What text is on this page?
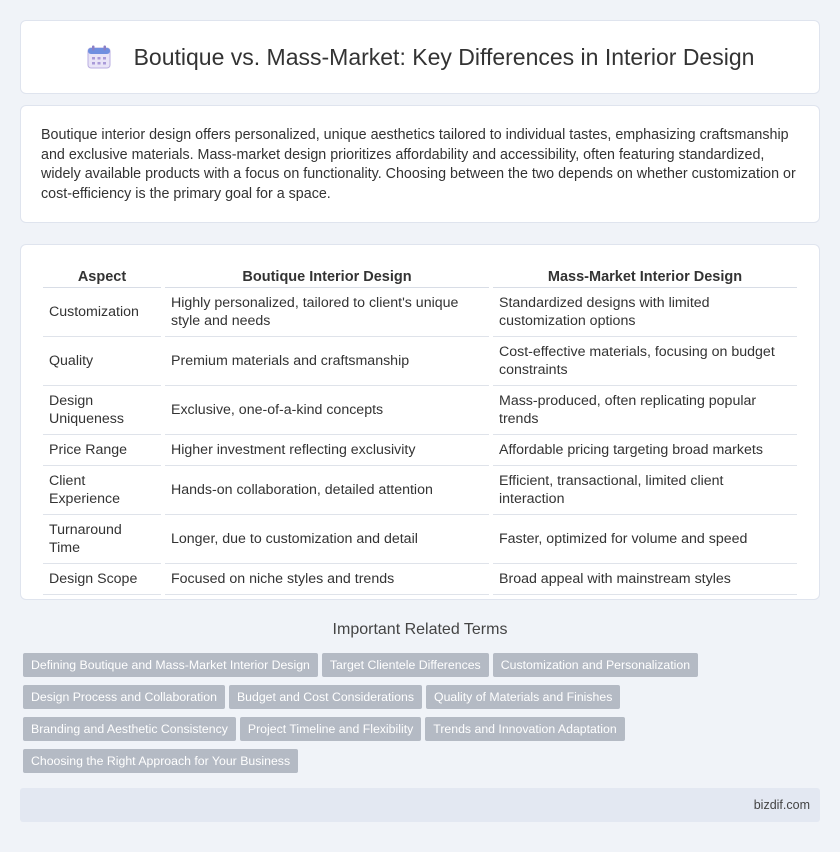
Boutique vs. Mass-Market: Key Differences in Interior Design

Boutique interior design offers personalized, unique aesthetics tailored to individual tastes, emphasizing craftsmanship and exclusive materials. Mass-market design prioritizes affordability and accessibility, often featuring standardized, widely available products with a focus on functionality. Choosing between the two depends on whether customization or cost-efficiency is the primary goal for a space.

Aspect	Boutique Interior Design	Mass-Market Interior Design
Customization	Highly personalized, tailored to client's unique style and needs	Standardized designs with limited customization options
Quality	Premium materials and craftsmanship	Cost-effective materials, focusing on budget constraints
Design Uniqueness	Exclusive, one-of-a-kind concepts	Mass-produced, often replicating popular trends
Price Range	Higher investment reflecting exclusivity	Affordable pricing targeting broad markets
Client Experience	Hands-on collaboration, detailed attention	Efficient, transactional, limited client interaction
Turnaround Time	Longer, due to customization and detail	Faster, optimized for volume and speed
Design Scope	Focused on niche styles and trends	Broad appeal with mainstream styles
Important Related Terms
Defining Boutique and Mass-Market Interior Design Target Clientele Differences Customization and Personalization
Design Process and Collaboration Budget and Cost Considerations Quality of Materials and Finishes
Branding and Aesthetic Consistency Project Timeline and Flexibility Trends and Innovation Adaptation
Choosing the Right Approach for Your Business
bizdif.com
